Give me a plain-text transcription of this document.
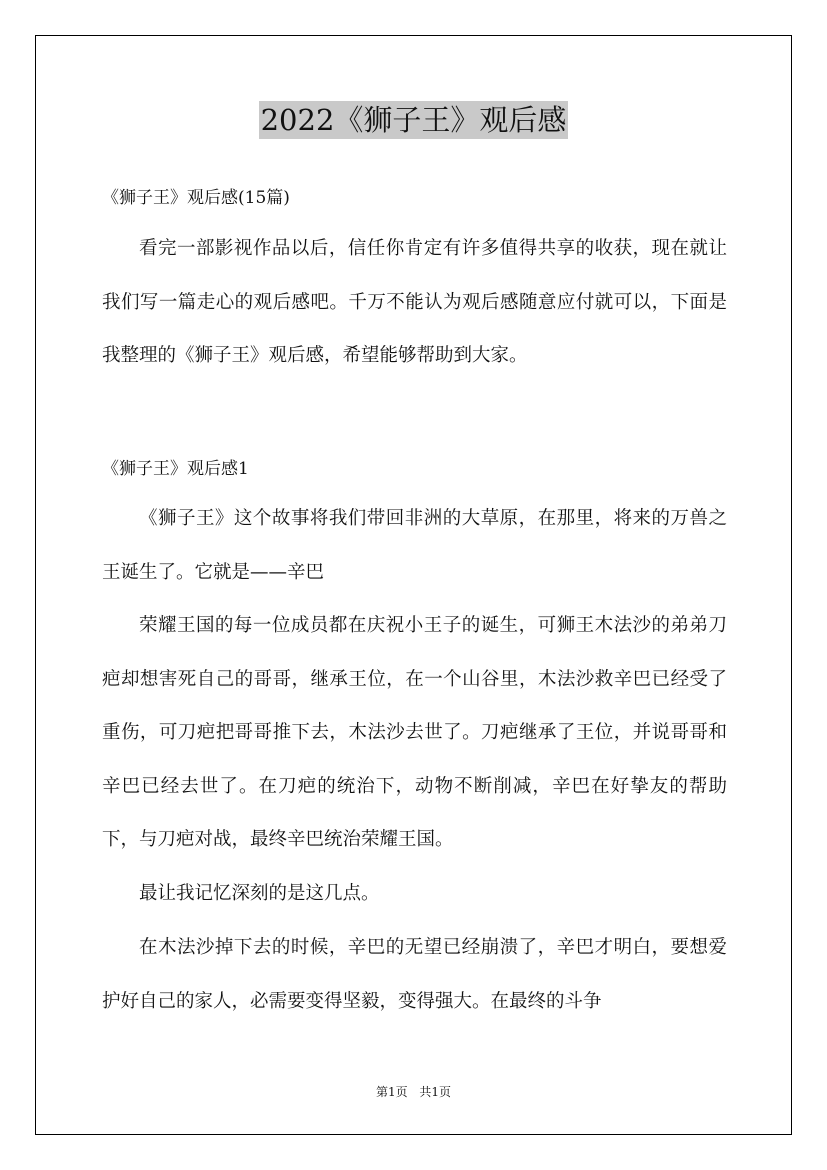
2022《狮子王》观后感
《狮子王》观后感(15篇)

看完一部影视作品以后，信任你肯定有许多值得共享的收获，现在就让我们写一篇走心的观后感吧。千万不能认为观后感随意应付就可以，下面是我整理的《狮子王》观后感，希望能够帮助到大家。

《狮子王》观后感1

《狮子王》这个故事将我们带回非洲的大草原，在那里，将来的万兽之王诞生了。它就是——辛巴

荣耀王国的每一位成员都在庆祝小王子的诞生，可狮王木法沙的弟弟刀疤却想害死自己的哥哥，继承王位，在一个山谷里，木法沙救辛巴已经受了重伤，可刀疤把哥哥推下去，木法沙去世了。刀疤继承了王位，并说哥哥和辛巴已经去世了。在刀疤的统治下，动物不断削减，辛巴在好挚友的帮助下，与刀疤对战，最终辛巴统治荣耀王国。

最让我记忆深刻的是这几点。

在木法沙掉下去的时候，辛巴的无望已经崩溃了，辛巴才明白，要想爱护好自己的家人，必需要变得坚毅，变得强大。在最终的斗争

第1页 共1页
